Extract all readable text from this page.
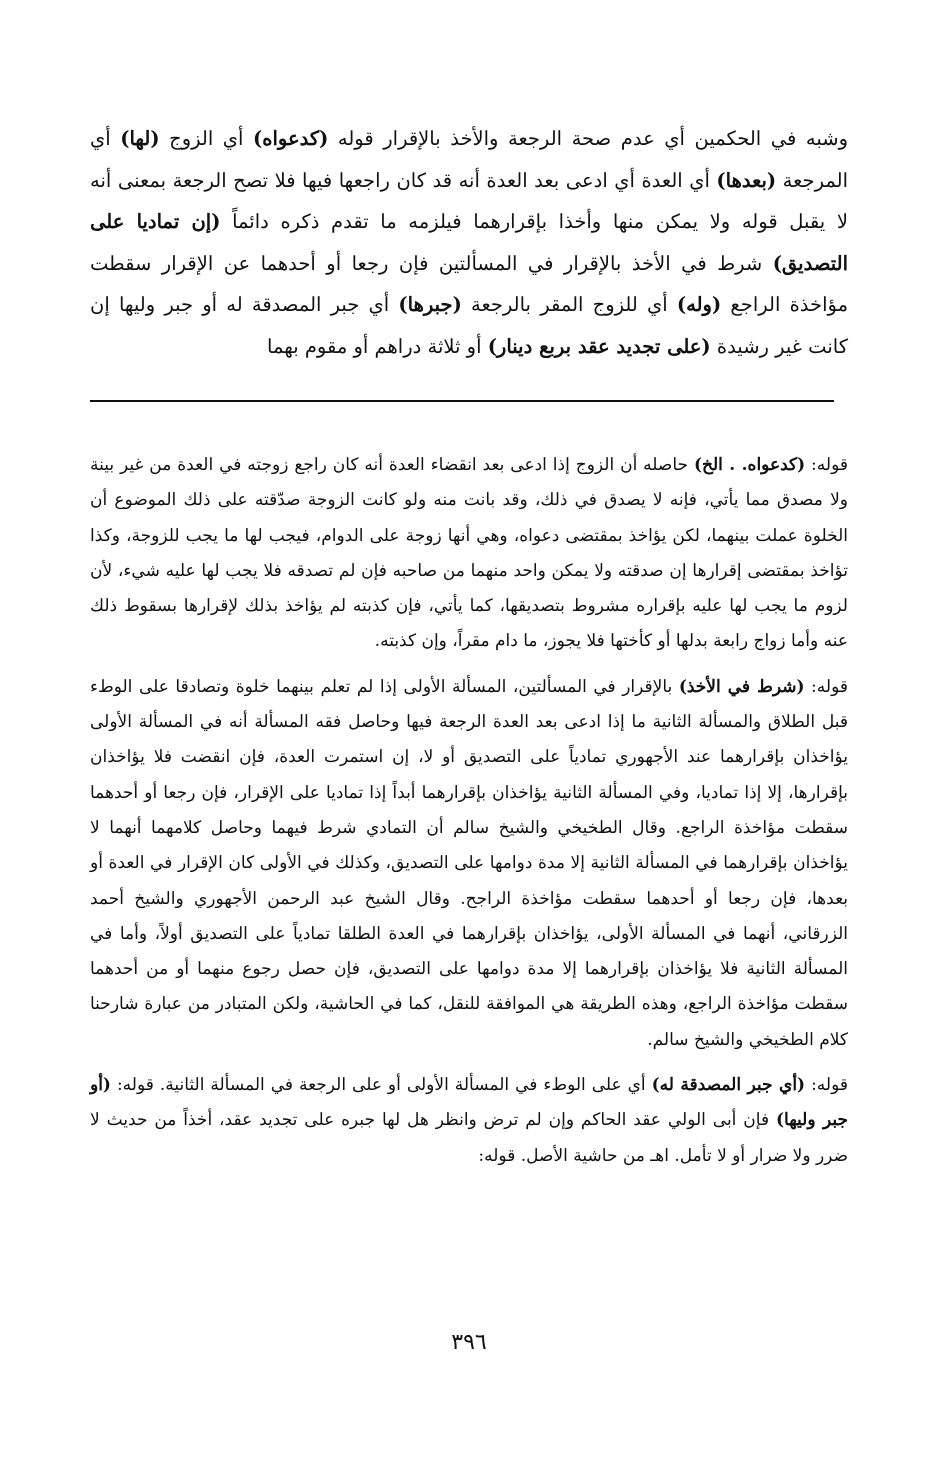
وشبه في الحكمين أي عدم صحة الرجعة والأخذ بالإقرار قوله (كدعواه) أي الزوج (لها) أي المرجعة (بعدها) أي العدة أي ادعى بعد العدة أنه قد كان راجعها فيها فلا تصح الرجعة بمعنى أنه لا يقبل قوله ولا يمكن منها وأخذا بإقرارهما فيلزمه ما تقدم ذكره دائماً (إن تماديا على التصديق) شرط في الأخذ بالإقرار في المسألتين فإن رجعا أو أحدهما عن الإقرار سقطت مؤاخذة الراجع (وله) أي للزوج المقر بالرجعة (جبرها) أي جبر المصدقة له أو جبر وليها إن كانت غير رشيدة (على تجديد عقد بربع دينار) أو ثلاثة دراهم أو مقوم بهما

قوله: (كدعواه. . الخ) حاصله أن الزوج إذا ادعى بعد انقضاء العدة أنه كان راجع زوجته في العدة من غير بينة ولا مصدق مما يأتي، فإنه لا يصدق في ذلك، وقد بانت منه ولو كانت الزوجة صدّقته على ذلك الموضوع أن الخلوة عملت بينهما، لكن يؤاخذ بمقتضى دعواه، وهي أنها زوجة على الدوام، فيجب لها ما يجب للزوجة، وكذا تؤاخذ بمقتضى إقرارها إن صدقته ولا يمكن واحد منهما من صاحبه فإن لم تصدقه فلا يجب لها عليه شيء، لأن لزوم ما يجب لها عليه بإقراره مشروط بتصديقها، كما يأتي، فإن كذبته لم يؤاخذ بذلك لإقرارها بسقوط ذلك عنه وأما زواج رابعة بدلها أو كأختها فلا يجوز، ما دام مقراً، وإن كذبته.

قوله: (شرط في الأخذ) بالإقرار في المسألتين، المسألة الأولى إذا لم تعلم بينهما خلوة وتصادقا على الوطء قبل الطلاق والمسألة الثانية ما إذا ادعى بعد العدة الرجعة فيها وحاصل فقه المسألة أنه في المسألة الأولى يؤاخذان بإقرارهما عند الأجهوري تمادياً على التصديق أو لا، إن استمرت العدة، فإن انقضت فلا يؤاخذان بإقرارها، إلا إذا تماديا، وفي المسألة الثانية يؤاخذان بإقرارهما أبداً إذا تماديا على الإقرار، فإن رجعا أو أحدهما سقطت مؤاخذة الراجع. وقال الطخيخي والشيخ سالم أن التمادي شرط فيهما وحاصل كلامهما أنهما لا يؤاخذان بإقرارهما في المسألة الثانية إلا مدة دوامها على التصديق، وكذلك في الأولى كان الإقرار في العدة أو بعدها، فإن رجعا أو أحدهما سقطت مؤاخذة الراجح. وقال الشيخ عبد الرحمن الأجهوري والشيخ أحمد الزرقاني، أنهما في المسألة الأولى، يؤاخذان بإقرارهما في العدة الطلقا تمادياً على التصديق أولاً، وأما في المسألة الثانية فلا يؤاخذان بإقرارهما إلا مدة دوامها على التصديق، فإن حصل رجوع منهما أو من أحدهما سقطت مؤاخذة الراجع، وهذه الطريقة هي الموافقة للنقل، كما في الحاشية، ولكن المتبادر من عبارة شارحنا كلام الطخيخي والشيخ سالم.

قوله: (أي جبر المصدقة له) أي على الوطء في المسألة الأولى أو على الرجعة في المسألة الثانية. قوله: (أو جبر وليها) فإن أبى الولي عقد الحاكم وإن لم ترض وانظر هل لها جبره على تجديد عقد، أخذاً من حديث لا ضرر ولا ضرار أو لا تأمل. اهـ من حاشية الأصل. قوله:

٣٩٦
